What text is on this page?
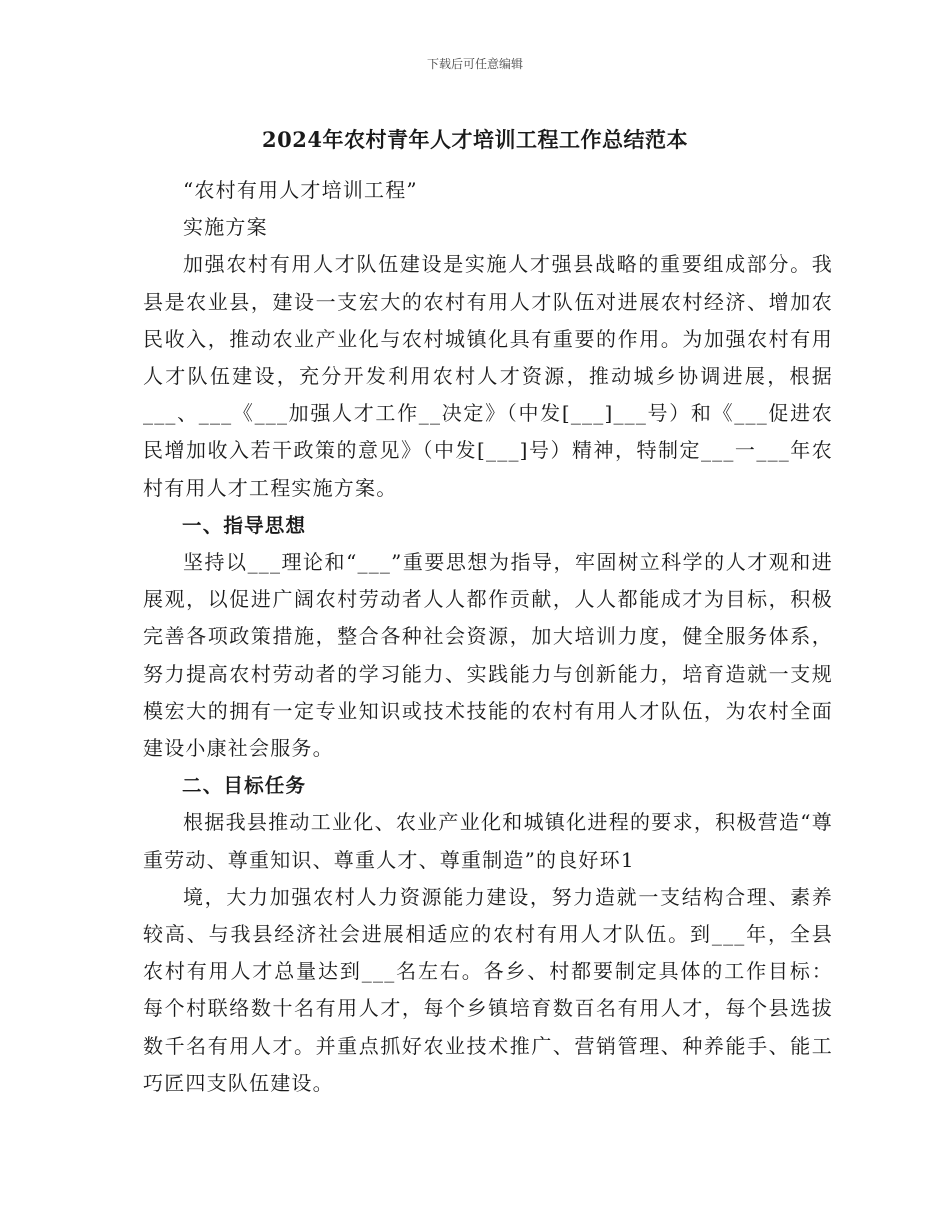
下载后可任意编辑
2024年农村青年人才培训工程工作总结范本

“农村有用人才培训工程”

实施方案

加强农村有用人才队伍建设是实施人才强县战略的重要组成部分。我县是农业县，建设一支宏大的农村有用人才队伍对进展农村经济、增加农民收入，推动农业产业化与农村城镇化具有重要的作用。为加强农村有用人才队伍建设，充分开发利用农村人才资源，推动城乡协调进展，根据___、___《___加强人才工作__决定》（中发[___]___号）和《___促进农民增加收入若干政策的意见》（中发[___]号）精神，特制定___一___年农村有用人才工程实施方案。

一、指导思想

坚持以___理论和“___”重要思想为指导，牢固树立科学的人才观和进展观，以促进广阔农村劳动者人人都作贡献，人人都能成才为目标，积极完善各项政策措施，整合各种社会资源，加大培训力度，健全服务体系，努力提高农村劳动者的学习能力、实践能力与创新能力，培育造就一支规模宏大的拥有一定专业知识或技术技能的农村有用人才队伍，为农村全面建设小康社会服务。

二、目标任务

根据我县推动工业化、农业产业化和城镇化进程的要求，积极营造“尊重劳动、尊重知识、尊重人才、尊重制造”的良好环1

境，大力加强农村人力资源能力建设，努力造就一支结构合理、素养较高、与我县经济社会进展相适应的农村有用人才队伍。到___年，全县农村有用人才总量达到___名左右。各乡、村都要制定具体的工作目标：每个村联络数十名有用人才，每个乡镇培育数百名有用人才，每个县选拔数千名有用人才。并重点抓好农业技术推广、营销管理、种养能手、能工巧匠四支队伍建设。
